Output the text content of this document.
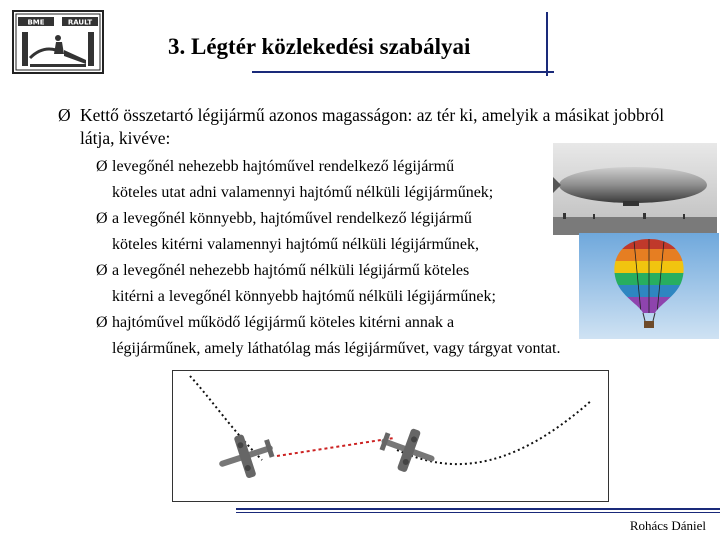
BME	RAULT
3. Légtér közlekedési szabályai
Ø Kettő összetartó légijármű azonos magasságon: az tér ki, amelyik a másikat jobbról látja, kivéve:
Ø levegőnél nehezebb hajtóművel rendelkező légijármű
köteles utat adni valamennyi hajtómű nélküli légijárműnek;
Ø a levegőnél könnyebb, hajtóművel rendelkező légijármű
köteles kitérni valamennyi hajtómű nélküli légijárműnek,
Ø a levegőnél nehezebb hajtómű nélküli légijármű köteles
kitérni a levegőnél könnyebb hajtómű nélküli légijárműnek;
Ø hajtóművel működő légijármű köteles kitérni annak a
légijárműnek, amely láthatólag más légijárművet, vagy tárgyat vontat.
Rohács Dániel
